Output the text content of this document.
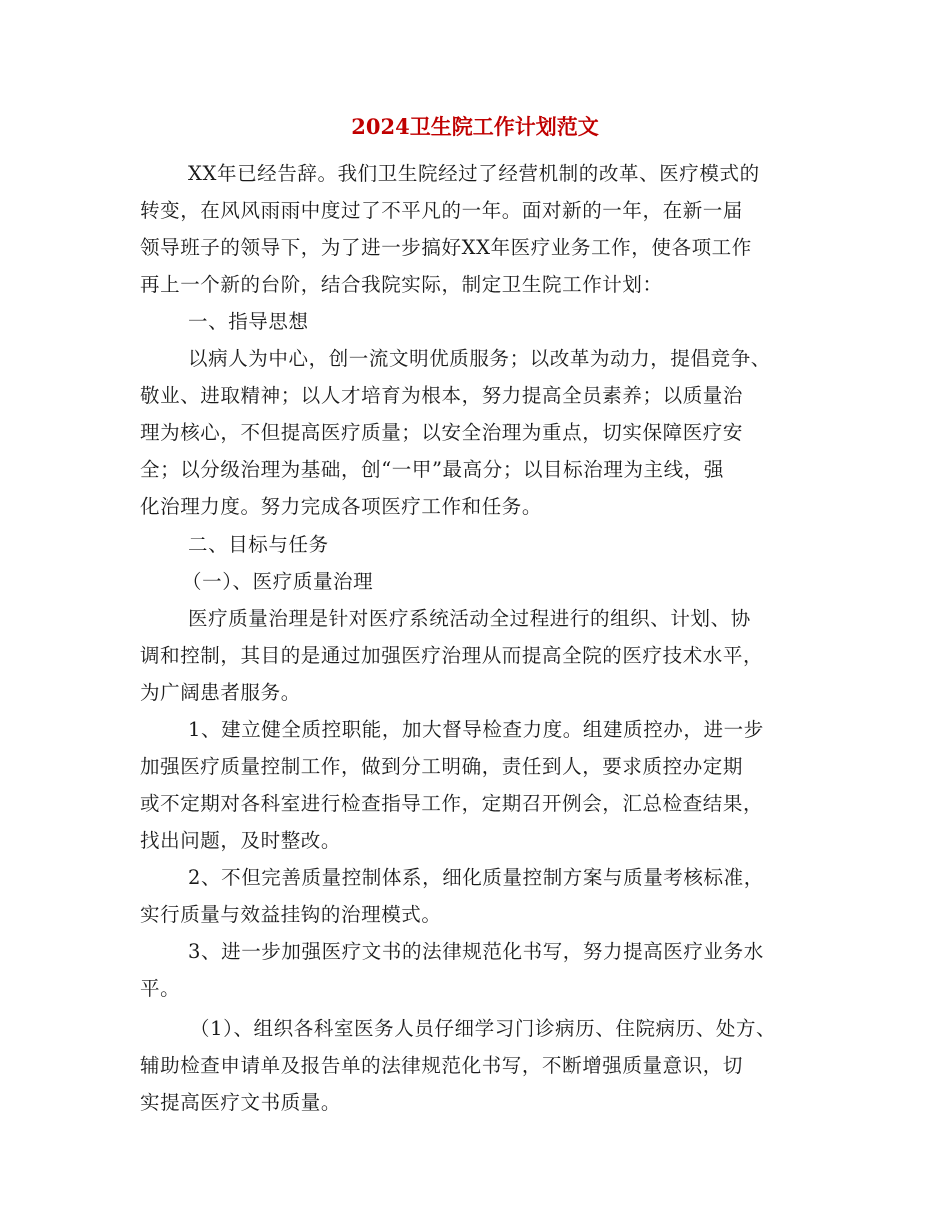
2024卫生院工作计划范文
XX年已经告辞。我们卫生院经过了经营机制的改革、医疗模式的
转变，在风风雨雨中度过了不平凡的一年。面对新的一年，在新一届
领导班子的领导下，为了进一步搞好XX年医疗业务工作，使各项工作
再上一个新的台阶，结合我院实际，制定卫生院工作计划：
一、指导思想
以病人为中心，创一流文明优质服务；以改革为动力，提倡竞争、
敬业、进取精神；以人才培育为根本，努力提高全员素养；以质量治
理为核心，不但提高医疗质量；以安全治理为重点，切实保障医疗安
全；以分级治理为基础，创“一甲”最高分；以目标治理为主线，强
化治理力度。努力完成各项医疗工作和任务。
二、目标与任务
（一）、医疗质量治理
医疗质量治理是针对医疗系统活动全过程进行的组织、计划、协
调和控制，其目的是通过加强医疗治理从而提高全院的医疗技术水平，
为广阔患者服务。
1、建立健全质控职能，加大督导检查力度。组建质控办，进一步
加强医疗质量控制工作，做到分工明确，责任到人，要求质控办定期
或不定期对各科室进行检查指导工作，定期召开例会，汇总检查结果，
找出问题，及时整改。
2、不但完善质量控制体系，细化质量控制方案与质量考核标准，
实行质量与效益挂钩的治理模式。
3、进一步加强医疗文书的法律规范化书写，努力提高医疗业务水
平。
（1）、组织各科室医务人员仔细学习门诊病历、住院病历、处方、
辅助检查申请单及报告单的法律规范化书写，不断增强质量意识，切
实提高医疗文书质量。
